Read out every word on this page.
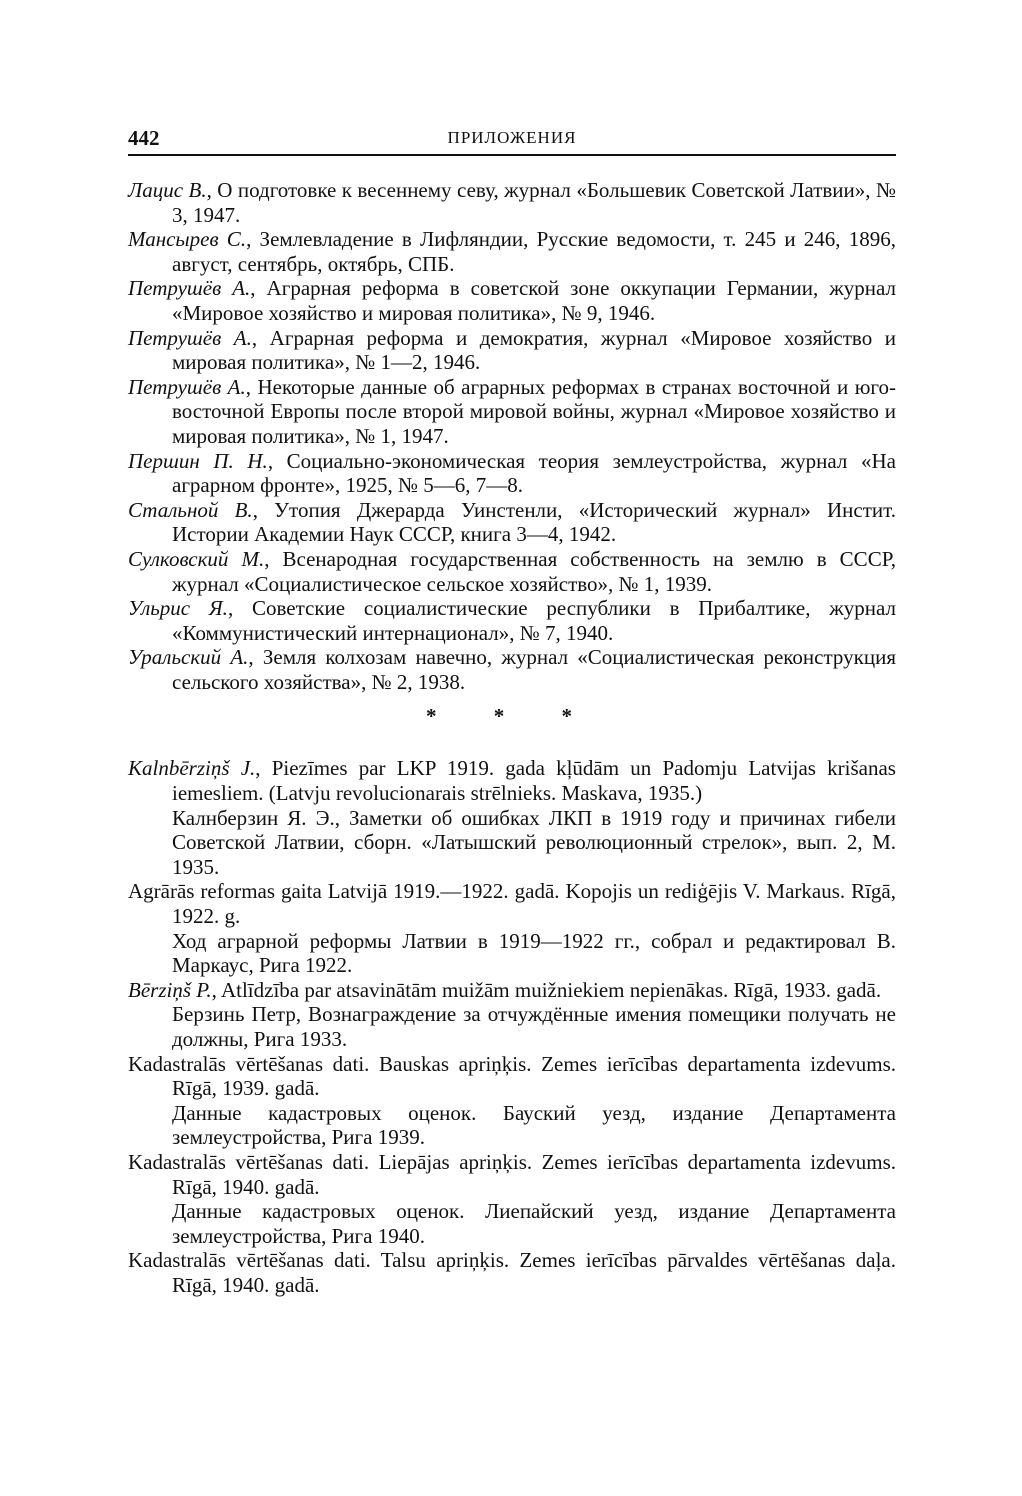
442	ПРИЛОЖЕНИЯ

Лацис В., О подготовке к весеннему севу, журнал «Большевик Советской Латвии», № 3, 1947.

Мансырев С., Землевладение в Лифляндии, Русские ведомости, т. 245 и 246, 1896, август, сентябрь, октябрь, СПБ.

Петрушёв А., Аграрная реформа в советской зоне оккупации Германии, журнал «Мировое хозяйство и мировая политика», № 9, 1946.

Петрушёв А., Аграрная реформа и демократия, журнал «Мировое хозяйство и мировая политика», № 1—2, 1946.

Петрушёв А., Некоторые данные об аграрных реформах в странах восточной и юго-восточной Европы после второй мировой войны, журнал «Мировое хозяйство и мировая политика», № 1, 1947.

Першин П. Н., Социально-экономическая теория землеустройства, журнал «На аграрном фронте», 1925, № 5—6, 7—8.

Стальной В., Утопия Джерарда Уинстенли, «Исторический журнал» Инстит. Истории Академии Наук СССР, книга 3—4, 1942.

Сулковский М., Всенародная государственная собственность на землю в СССР, журнал «Социалистическое сельское хозяйство», № 1, 1939.

Ульрис Я., Советские социалистические республики в Прибалтике, журнал «Коммунистический интернационал», № 7, 1940.

Уральский А., Земля колхозам навечно, журнал «Социалистическая реконструкция сельского хозяйства», № 2, 1938.

* * *

Kalnbērziņš J., Piezīmes par LKP 1919. gada kļūdām un Padomju Latvijas krišanas iemesliem. (Latvju revolucionarais strēlnieks. Maskava, 1935.)

Калнберзин Я. Э., Заметки об ошибках ЛКП в 1919 году и причинах гибели Советской Латвии, сборн. «Латышский революционный стрелок», вып. 2, М. 1935.

Agrārās reformas gaita Latvijā 1919.—1922. gadā. Kopojis un rediģējis V. Markaus. Rīgā, 1922. g.

Ход аграрной реформы Латвии в 1919—1922 гг., собрал и редактировал В. Маркаус, Рига 1922.

Bērziņš P., Atlīdzība par atsavinātām muižām muižniekiem nepienākas. Rīgā, 1933. gadā.

Берзинь Петр, Вознаграждение за отчуждённые имения помещики получать не должны, Рига 1933.

Kadastralās vērtēšanas dati. Bauskas apriņķis. Zemes ierīcības departamenta izdevums. Rīgā, 1939. gadā.

Данные кадастровых оценок. Бауский уезд, издание Департамента землеустройства, Рига 1939.

Kadastralās vērtēšanas dati. Liepājas apriņķis. Zemes ierīcības departamenta izdevums. Rīgā, 1940. gadā.

Данные кадастровых оценок. Лиепайский уезд, издание Департамента землеустройства, Рига 1940.

Kadastralās vērtēšanas dati. Talsu apriņķis. Zemes ierīcības pārvaldes vērtēšanas daļa. Rīgā, 1940. gadā.
